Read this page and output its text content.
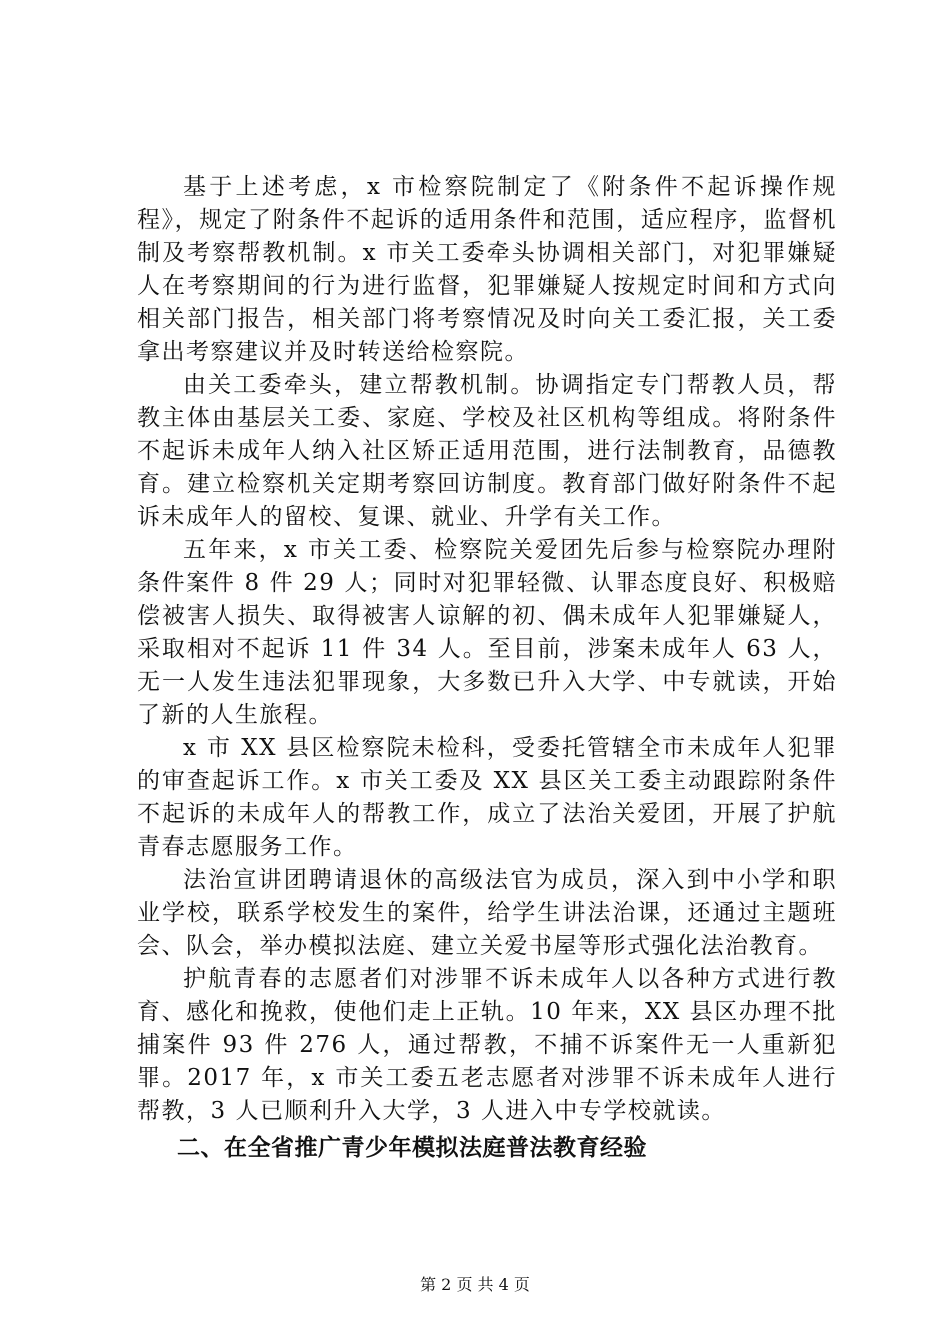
基于上述考虑，x 市检察院制定了《附条件不起诉操作规程》，规定了附条件不起诉的适用条件和范围，适应程序，监督机制及考察帮教机制。x 市关工委牵头协调相关部门，对犯罪嫌疑人在考察期间的行为进行监督，犯罪嫌疑人按规定时间和方式向相关部门报告，相关部门将考察情况及时向关工委汇报，关工委拿出考察建议并及时转送给检察院。

由关工委牵头，建立帮教机制。协调指定专门帮教人员，帮教主体由基层关工委、家庭、学校及社区机构等组成。将附条件不起诉未成年人纳入社区矫正适用范围，进行法制教育，品德教育。建立检察机关定期考察回访制度。教育部门做好附条件不起诉未成年人的留校、复课、就业、升学有关工作。

五年来，x 市关工委、检察院关爱团先后参与检察院办理附条件案件 8 件 29 人；同时对犯罪轻微、认罪态度良好、积极赔偿被害人损失、取得被害人谅解的初、偶未成年人犯罪嫌疑人，采取相对不起诉 11 件 34 人。至目前，涉案未成年人 63 人，无一人发生违法犯罪现象，大多数已升入大学、中专就读，开始了新的人生旅程。

x 市 XX 县区检察院未检科，受委托管辖全市未成年人犯罪的审查起诉工作。x 市关工委及 XX 县区关工委主动跟踪附条件不起诉的未成年人的帮教工作，成立了法治关爱团，开展了护航青春志愿服务工作。

法治宣讲团聘请退休的高级法官为成员，深入到中小学和职业学校，联系学校发生的案件，给学生讲法治课，还通过主题班会、队会，举办模拟法庭、建立关爱书屋等形式强化法治教育。

护航青春的志愿者们对涉罪不诉未成年人以各种方式进行教育、感化和挽救，使他们走上正轨。10 年来，XX 县区办理不批捕案件 93 件 276 人，通过帮教，不捕不诉案件无一人重新犯罪。2017 年，x 市关工委五老志愿者对涉罪不诉未成年人进行帮教，3 人已顺利升入大学，3 人进入中专学校就读。

二、在全省推广青少年模拟法庭普法教育经验
第 2 页 共 4 页
